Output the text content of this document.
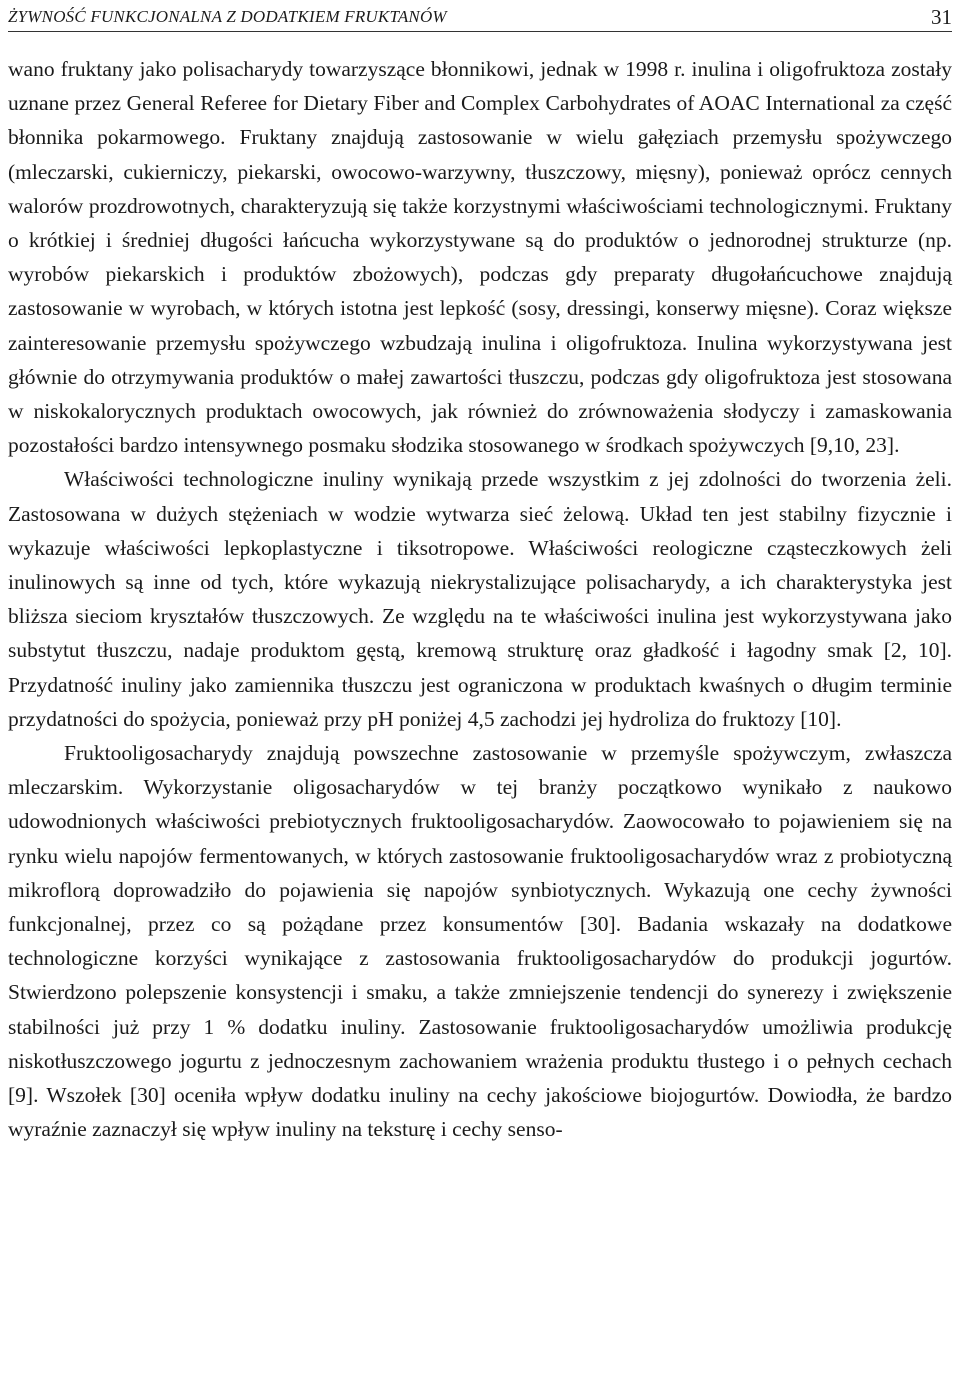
ŻYWNOŚĆ FUNKCJONALNA Z DODATKIEM FRUKTANÓW	31

wano fruktany jako polisacharydy towarzyszące błonnikowi, jednak w 1998 r. inulina i oligofruktoza zostały uznane przez General Referee for Dietary Fiber and Complex Carbohydrates of AOAC International za część błonnika pokarmowego. Fruktany znajdują zastosowanie w wielu gałęziach przemysłu spożywczego (mleczarski, cukierniczy, piekarski, owocowo-warzywny, tłuszczowy, mięsny), ponieważ oprócz cennych walorów prozdrowotnych, charakteryzują się także korzystnymi właściwościami technologicznymi. Fruktany o krótkiej i średniej długości łańcucha wykorzystywane są do produktów o jednorodnej strukturze (np. wyrobów piekarskich i produktów zbożowych), podczas gdy preparaty długołańcuchowe znajdują zastosowanie w wyrobach, w których istotna jest lepkość (sosy, dressingi, konserwy mięsne). Coraz większe zainteresowanie przemysłu spożywczego wzbudzają inulina i oligofruktoza. Inulina wykorzystywana jest głównie do otrzymywania produktów o małej zawartości tłuszczu, podczas gdy oligofruktoza jest stosowana w niskokalorycznych produktach owocowych, jak również do zrównoważenia słodyczy i zamaskowania pozostałości bardzo intensywnego posmaku słodzika stosowanego w środkach spożywczych [9,10, 23].

Właściwości technologiczne inuliny wynikają przede wszystkim z jej zdolności do tworzenia żeli. Zastosowana w dużych stężeniach w wodzie wytwarza sieć żelową. Układ ten jest stabilny fizycznie i wykazuje właściwości lepkoplastyczne i tiksotropowe. Właściwości reologiczne cząsteczkowych żeli inulinowych są inne od tych, które wykazują niekrystalizujące polisacharydy, a ich charakterystyka jest bliższa sieciom kryształów tłuszczowych. Ze względu na te właściwości inulina jest wykorzystywana jako substytut tłuszczu, nadaje produktom gęstą, kremową strukturę oraz gładkość i łagodny smak [2, 10]. Przydatność inuliny jako zamiennika tłuszczu jest ograniczona w produktach kwaśnych o długim terminie przydatności do spożycia, ponieważ przy pH poniżej 4,5 zachodzi jej hydroliza do fruktozy [10].

Fruktooligosacharydy znajdują powszechne zastosowanie w przemyśle spożywczym, zwłaszcza mleczarskim. Wykorzystanie oligosacharydów w tej branży początkowo wynikało z naukowo udowodnionych właściwości prebiotycznych fruktooligosacharydów. Zaowocowało to pojawieniem się na rynku wielu napojów fermentowanych, w których zastosowanie fruktooligosacharydów wraz z probiotyczną mikroflorą doprowadziło do pojawienia się napojów synbiotycznych. Wykazują one cechy żywności funkcjonalnej, przez co są pożądane przez konsumentów [30]. Badania wskazały na dodatkowe technologiczne korzyści wynikające z zastosowania fruktooligosacharydów do produkcji jogurtów. Stwierdzono polepszenie konsystencji i smaku, a także zmniejszenie tendencji do synerezy i zwiększenie stabilności już przy 1 % dodatku inuliny. Zastosowanie fruktooligosacharydów umożliwia produkcję niskotłuszczowego jogurtu z jednoczesnym zachowaniem wrażenia produktu tłustego i o pełnych cechach [9]. Wszołek [30] oceniła wpływ dodatku inuliny na cechy jakościowe biojogurtów. Dowiodła, że bardzo wyraźnie zaznaczył się wpływ inuliny na teksturę i cechy senso-
